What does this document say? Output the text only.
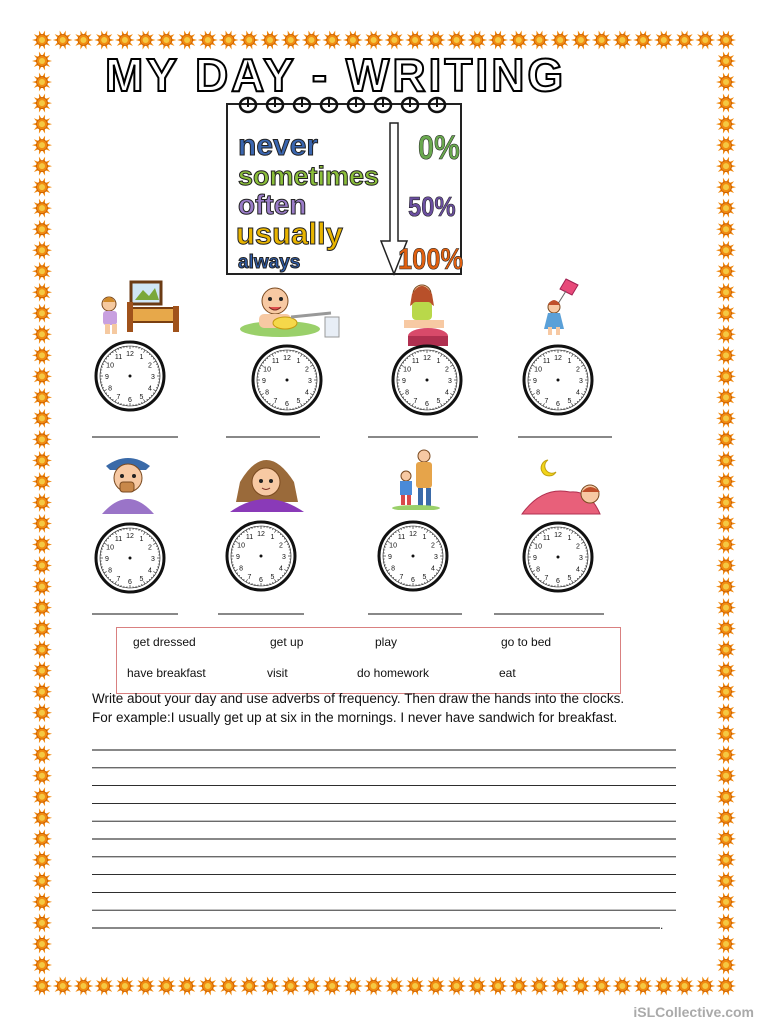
MY DAY - WRITING
never
sometimes
often
usually
always
0%
50%
100%
1
2
3
4
5
6
7
8
9
10
11 12
1
2
3
4
5
6
7
8
9
10
11 12	1
2
3
4
5
6
7
8
9
10
11 12	1
2
3
4
5
6
7
8
9
10
11 12
1
2
3
4
5
6
7
8
9
10
11 12	1
2
3
4
5
6
7
8
9
10
11 12	1
2
3
4
5
6
7
8
9
10
11 12
1
2
3
4
5
6
7
8
9
10
11 12
get dressed	get up	play	go to bed
have breakfast	visit	do homework	eat
Write about your day and use adverbs of frequency. Then draw the hands into the clocks.
For example:I usually get up at six in the mornings. I never have sandwich for breakfast.
.
iSLCollective.com
